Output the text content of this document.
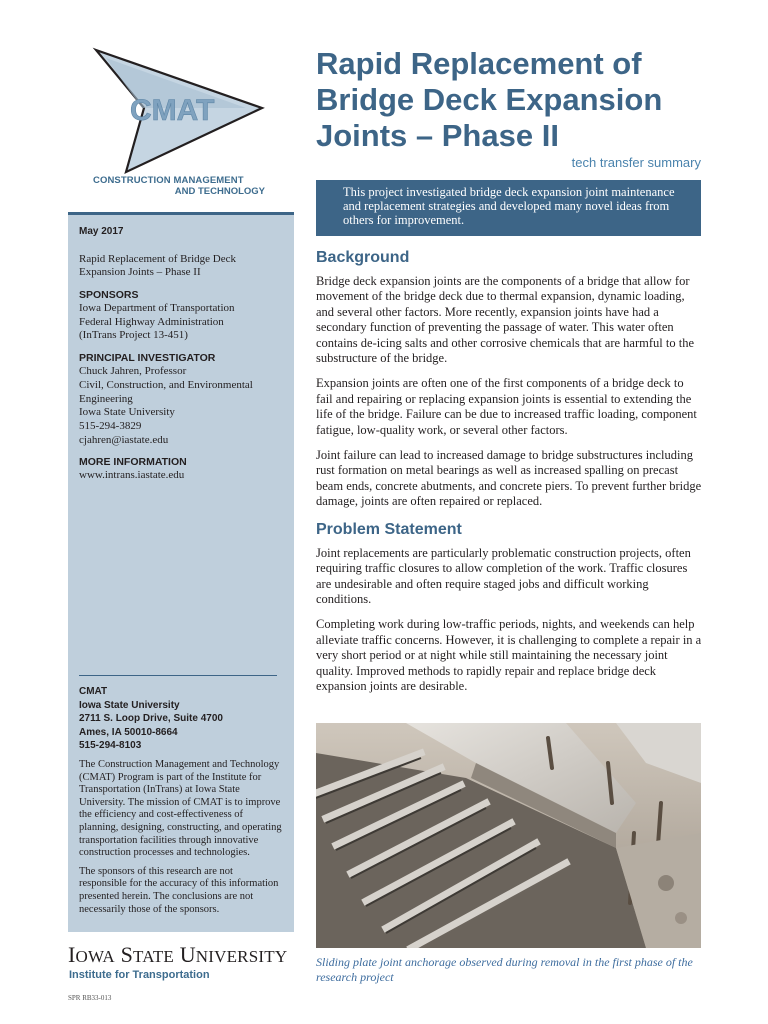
CMAT
CONSTRUCTION MANAGEMENT
AND TECHNOLOGY
Rapid Replacement of
Bridge Deck Expansion
Joints – Phase II
tech transfer summary
This project investigated bridge deck expansion joint maintenance and replacement strategies and developed many novel ideas from others for improvement.
May 2017
Rapid Replacement of Bridge Deck
Expansion Joints – Phase II
SPONSORS
Iowa Department of Transportation
Federal Highway Administration
(InTrans Project 13-451)
PRINCIPAL INVESTIGATOR
Chuck Jahren, Professor
Civil, Construction, and Environmental
Engineering
Iowa State University
515-294-3829
cjahren@iastate.edu
MORE INFORMATION
www.intrans.iastate.edu
CMAT
Iowa State University
2711 S. Loop Drive, Suite 4700
Ames, IA 50010-8664
515-294-8103
The Construction Management and Technology (CMAT) Program is part of the Institute for Transportation (InTrans) at Iowa State University. The mission of CMAT is to improve the efficiency and cost-effectiveness of planning, designing, constructing, and operating transportation facilities through innovative construction processes and technologies.
The sponsors of this research are not responsible for the accuracy of this information presented herein. The conclusions are not necessarily those of the sponsors.
IOWA STATE UNIVERSITY
Institute for Transportation
SPR RB33-013
Background

Bridge deck expansion joints are the components of a bridge that allow for movement of the bridge deck due to thermal expansion, dynamic loading, and several other factors. More recently, expansion joints have had a secondary function of preventing the passage of water. This water often contains de-icing salts and other corrosive chemicals that are harmful to the substructure of the bridge.

Expansion joints are often one of the first components of a bridge deck to fail and repairing or replacing expansion joints is essential to extending the life of the bridge. Failure can be due to increased traffic loading, component fatigue, low-quality work, or several other factors.

Joint failure can lead to increased damage to bridge substructures including rust formation on metal bearings as well as increased spalling on precast beam ends, concrete abutments, and concrete piers. To prevent further bridge damage, joints are often repaired or replaced.

Problem Statement

Joint replacements are particularly problematic construction projects, often requiring traffic closures to allow completion of the work. Traffic closures are undesirable and often require staged jobs and difficult working conditions.

Completing work during low-traffic periods, nights, and weekends can help alleviate traffic concerns. However, it is challenging to complete a repair in a very short period or at night while still maintaining the necessary joint quality. Improved methods to rapidly repair and replace bridge deck expansion joints are desirable.

Sliding plate joint anchorage observed during removal in the first phase of the research project
